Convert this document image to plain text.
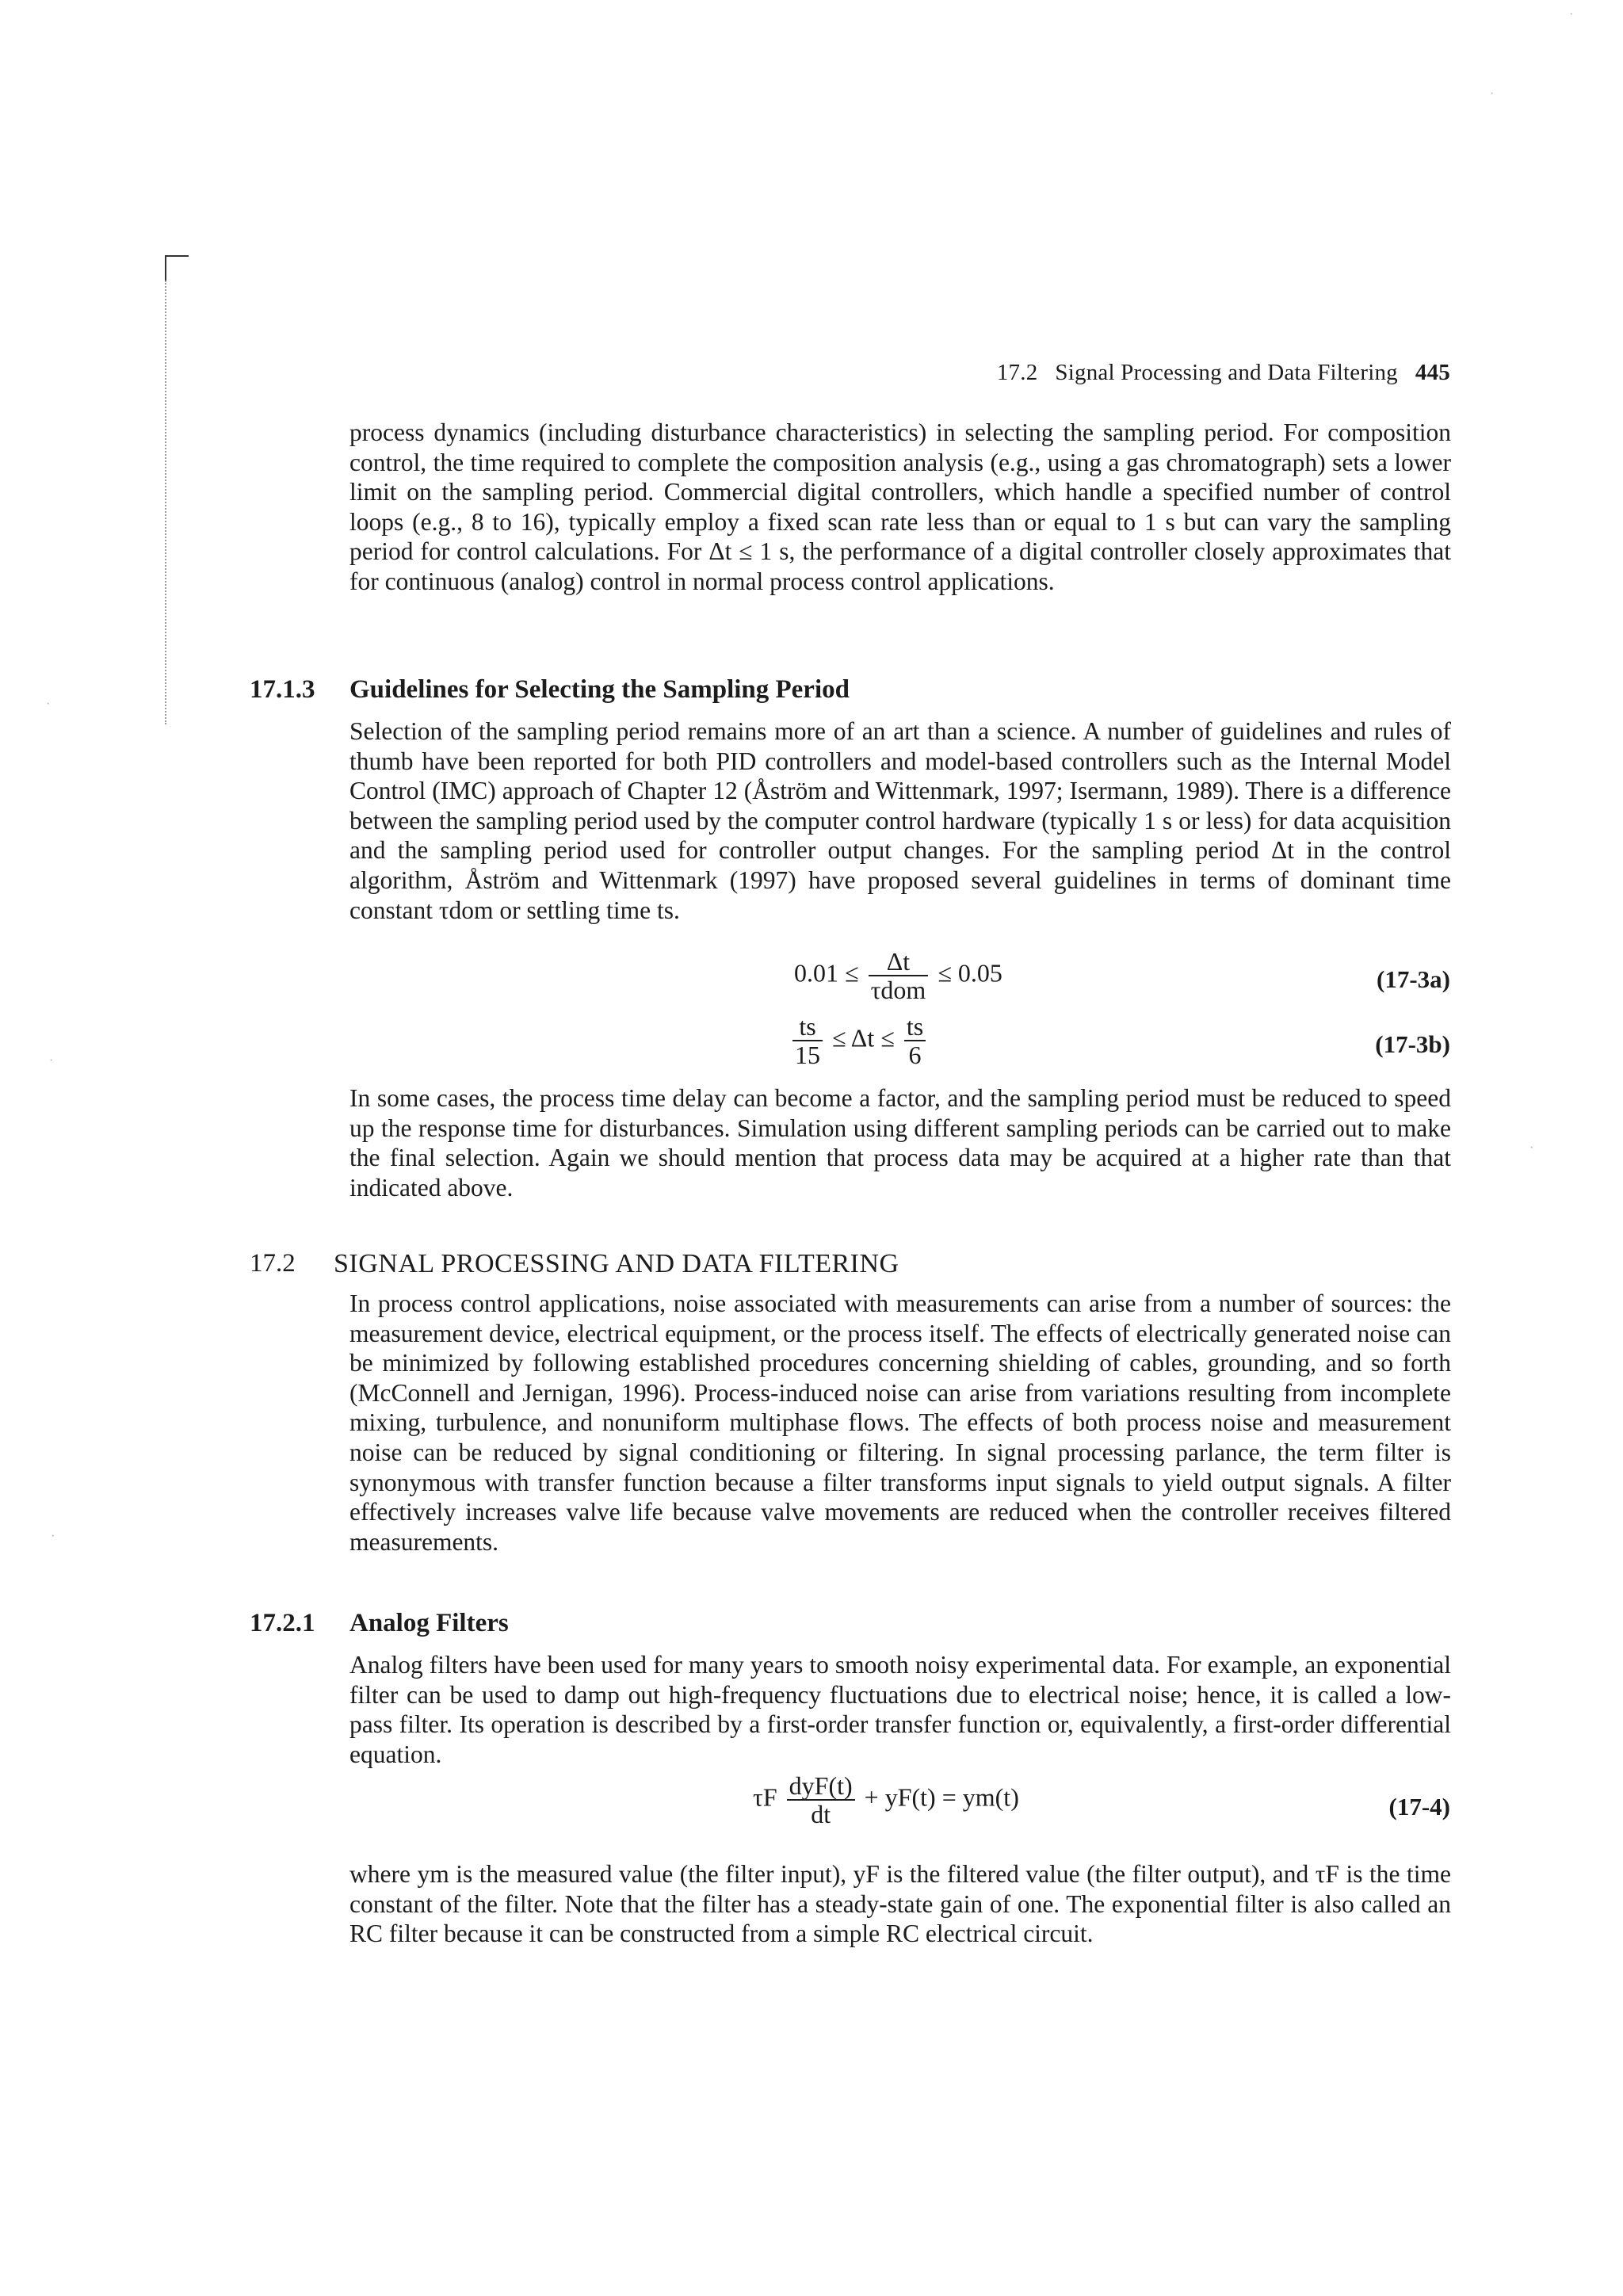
17.2 Signal Processing and Data Filtering 445

process dynamics (including disturbance characteristics) in selecting the sampling period. For composition control, the time required to complete the composition analysis (e.g., using a gas chromatograph) sets a lower limit on the sampling period. Commercial digital controllers, which handle a specified number of control loops (e.g., 8 to 16), typically employ a fixed scan rate less than or equal to 1 s but can vary the sampling period for control calculations. For Δt ≤ 1 s, the performance of a digital controller closely approximates that for continuous (analog) control in normal process control applications.

17.1.3 Guidelines for Selecting the Sampling Period

Selection of the sampling period remains more of an art than a science. A number of guidelines and rules of thumb have been reported for both PID controllers and model-based controllers such as the Internal Model Control (IMC) approach of Chapter 12 (Åström and Wittenmark, 1997; Isermann, 1989). There is a difference between the sampling period used by the computer control hardware (typically 1 s or less) for data acquisition and the sampling period used for controller output changes. For the sampling period Δt in the control algorithm, Åström and Wittenmark (1997) have proposed several guidelines in terms of dominant time constant τdom or settling time ts.

$0.01 \le \frac{\Delta t}{\text{τdom}} \le 0.05$	(17-3a)
$\frac{ts}{15} \le \Delta t \le \frac{ts}{6}$	(17-3b)

In some cases, the process time delay can become a factor, and the sampling period must be reduced to speed up the response time for disturbances. Simulation using different sampling periods can be carried out to make the final selection. Again we should mention that process data may be acquired at a higher rate than that indicated above.

17.2 SIGNAL PROCESSING AND DATA FILTERING

In process control applications, noise associated with measurements can arise from a number of sources: the measurement device, electrical equipment, or the process itself. The effects of electrically generated noise can be minimized by following established procedures concerning shielding of cables, grounding, and so forth (McConnell and Jernigan, 1996). Process-induced noise can arise from variations resulting from incomplete mixing, turbulence, and nonuniform multiphase flows. The effects of both process noise and measurement noise can be reduced by signal conditioning or filtering. In signal processing parlance, the term filter is synonymous with transfer function because a filter transforms input signals to yield output signals. A filter effectively increases valve life because valve movements are reduced when the controller receives filtered measurements.

17.2.1 Analog Filters

Analog filters have been used for many years to smooth noisy experimental data. For example, an exponential filter can be used to damp out high-frequency fluctuations due to electrical noise; hence, it is called a low-pass filter. Its operation is described by a first-order transfer function or, equivalently, a first-order differential equation.

τF $\frac{\text{dyF(t)}}{dt} + yF(t) = ym(t)$	(17-4)

where ym is the measured value (the filter input), yF is the filtered value (the filter output), and τF is the time constant of the filter. Note that the filter has a steady-state gain of one. The exponential filter is also called an RC filter because it can be constructed from a simple RC electrical circuit.

·
·
·
·
·
·
